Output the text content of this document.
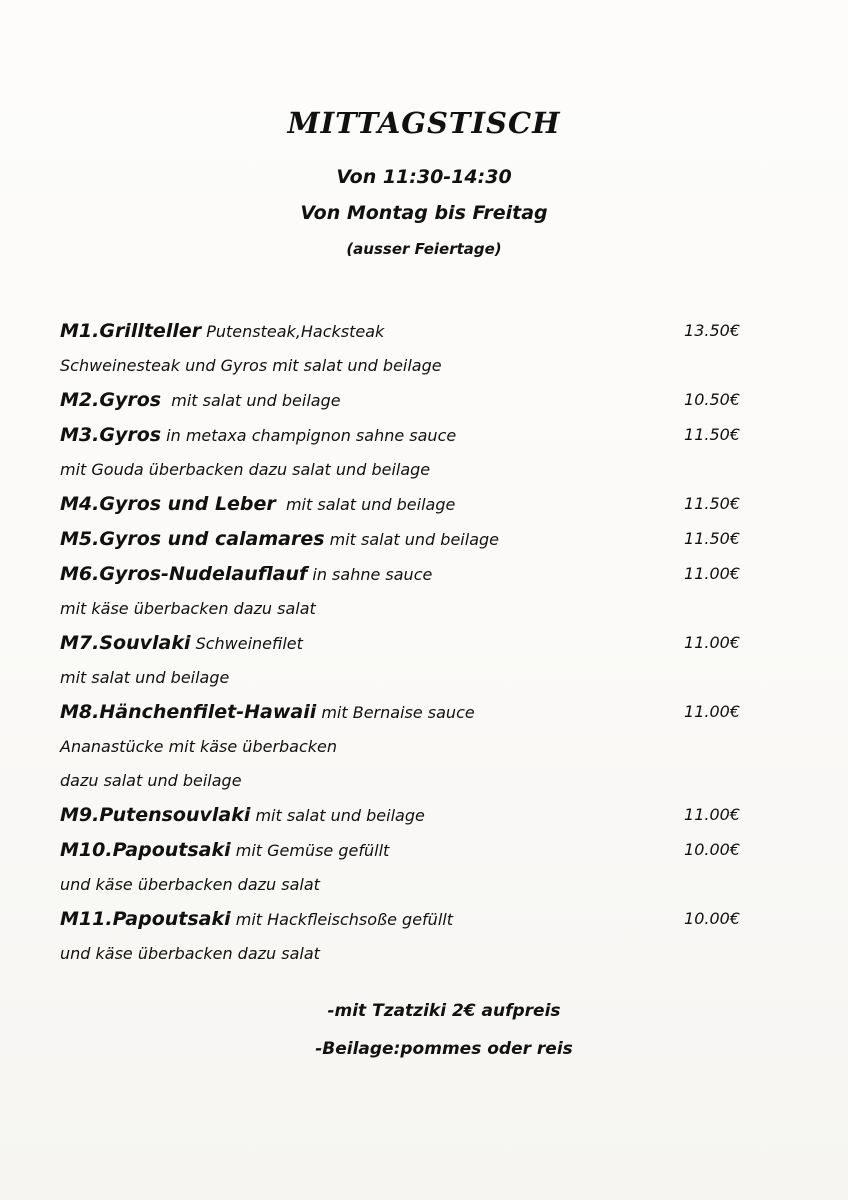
MITTAGSTISCH
Von 11:30-14:30
Von Montag bis Freitag
(ausser Feiertage)
M1.Grillteller Putensteak,Hacksteak	13.50€
Schweinesteak und Gyros mit salat und beilage
M2.Gyros  mit salat und beilage	10.50€
M3.Gyros in metaxa champignon sahne sauce	11.50€
mit Gouda überbacken dazu salat und beilage
M4.Gyros und Leber  mit salat und beilage	11.50€
M5.Gyros und calamares mit salat und beilage	11.50€
M6.Gyros-Nudelauflauf in sahne sauce	11.00€
mit käse überbacken dazu salat
M7.Souvlaki Schweinefilet	11.00€
mit salat und beilage
M8.Hänchenfilet-Hawaii mit Bernaise sauce	11.00€
Ananastücke mit käse überbacken
dazu salat und beilage
M9.Putensouvlaki mit salat und beilage	11.00€
M10.Papoutsaki mit Gemüse gefüllt	10.00€
und käse überbacken dazu salat
M11.Papoutsaki mit Hackfleischsoße gefüllt	10.00€
und käse überbacken dazu salat
-mit Tzatziki 2€ aufpreis
-Beilage:pommes oder reis
